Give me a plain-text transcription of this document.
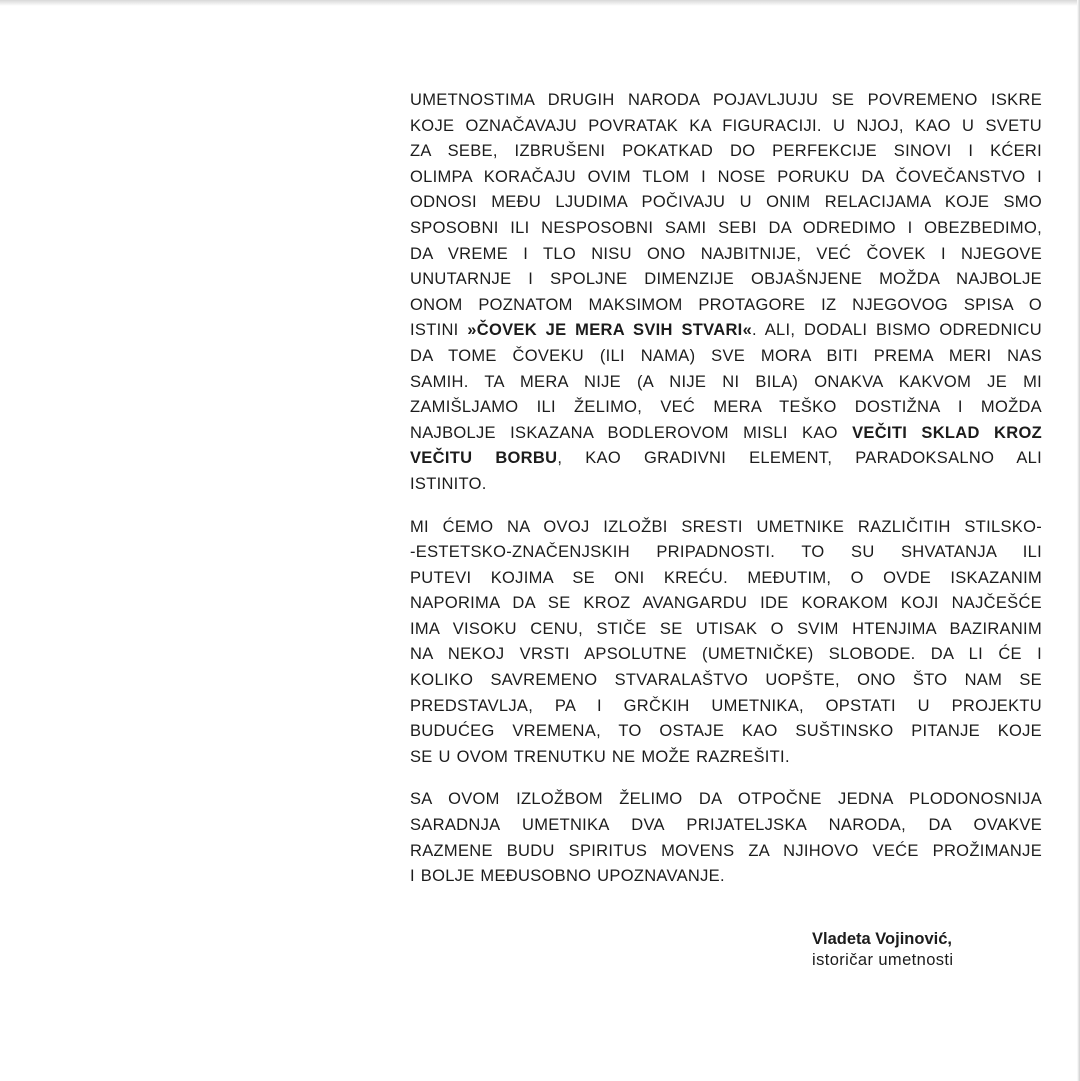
UMETNOSTIMA DRUGIH NARODA POJAVLJUJU SE POVREMENO ISKRE
KOJE OZNAČAVAJU POVRATAK KA FIGURACIJI. U NJOJ, KAO U SVETU
ZA SEBE, IZBRUŠENI POKATKAD DO PERFEKCIJE SINOVI I KĆERI
OLIMPA KORAČAJU OVIM TLOM I NOSE PORUKU DA ČOVEČANSTVO I
ODNOSI MEĐU LJUDIMA POČIVAJU U ONIM RELACIJAMA KOJE SMO
SPOSOBNI ILI NESPOSOBNI SAMI SEBI DA ODREDIMO I OBEZBEDIMO,
DA VREME I TLO NISU ONO NAJBITNIJE, VEĆ ČOVEK I NJEGOVE
UNUTARNJE I SPOLJNE DIMENZIJE OBJAŠNJENE MOŽDA NAJBOLJE
ONOM POZNATOM MAKSIMOM PROTAGORE IZ NJEGOVOG SPISA O
ISTINI »ČOVEK JE MERA SVIH STVARI«. ALI, DODALI BISMO ODREDNICU
DA TOME ČOVEKU (ILI NAMA) SVE MORA BITI PREMA MERI NAS
SAMIH. TA MERA NIJE (A NIJE NI BILA) ONAKVA KAKVOM JE MI
ZAMIŠLJAMO ILI ŽELIMO, VEĆ MERA TEŠKO DOSTIŽNA I MOŽDA
NAJBOLJE ISKAZANA BODLEROVOM MISLI KAO VEČITI SKLAD KROZ
VEČITU BORBU, KAO GRADIVNI ELEMENT, PARADOKSALNO ALI
ISTINITO.

MI ĆEMO NA OVOJ IZLOŽBI SRESTI UMETNIKE RAZLIČITIH STILSKO-
-ESTETSKO-ZNAČENJSKIH PRIPADNOSTI. TO SU SHVATANJA ILI
PUTEVI KOJIMA SE ONI KREĆU. MEĐUTIM, O OVDE ISKAZANIM
NAPORIMA DA SE KROZ AVANGARDU IDE KORAKOM KOJI NAJČEŠĆE
IMA VISOKU CENU, STIČE SE UTISAK O SVIM HTENJIMA BAZIRANIM
NA NEKOJ VRSTI APSOLUTNE (UMETNIČKE) SLOBODE. DA LI ĆE I
KOLIKO SAVREMENO STVARALAŠTVO UOPŠTE, ONO ŠTO NAM SE
PREDSTAVLJA, PA I GRČKIH UMETNIKA, OPSTATI U PROJEKTU
BUDUĆEG VREMENA, TO OSTAJE KAO SUŠTINSKO PITANJE KOJE
SE U OVOM TRENUTKU NE MOŽE RAZREŠITI.

SA OVOM IZLOŽBOM ŽELIMO DA OTPOČNE JEDNA PLODONOSNIJA
SARADNJA UMETNIKA DVA PRIJATELJSKA NARODA, DA OVAKVE
RAZMENE BUDU SPIRITUS MOVENS ZA NJIHOVO VEĆE PROŽIMANJE
I BOLJE MEĐUSOBNO UPOZNAVANJE.

Vladeta Vojinović,
istoričar umetnosti
